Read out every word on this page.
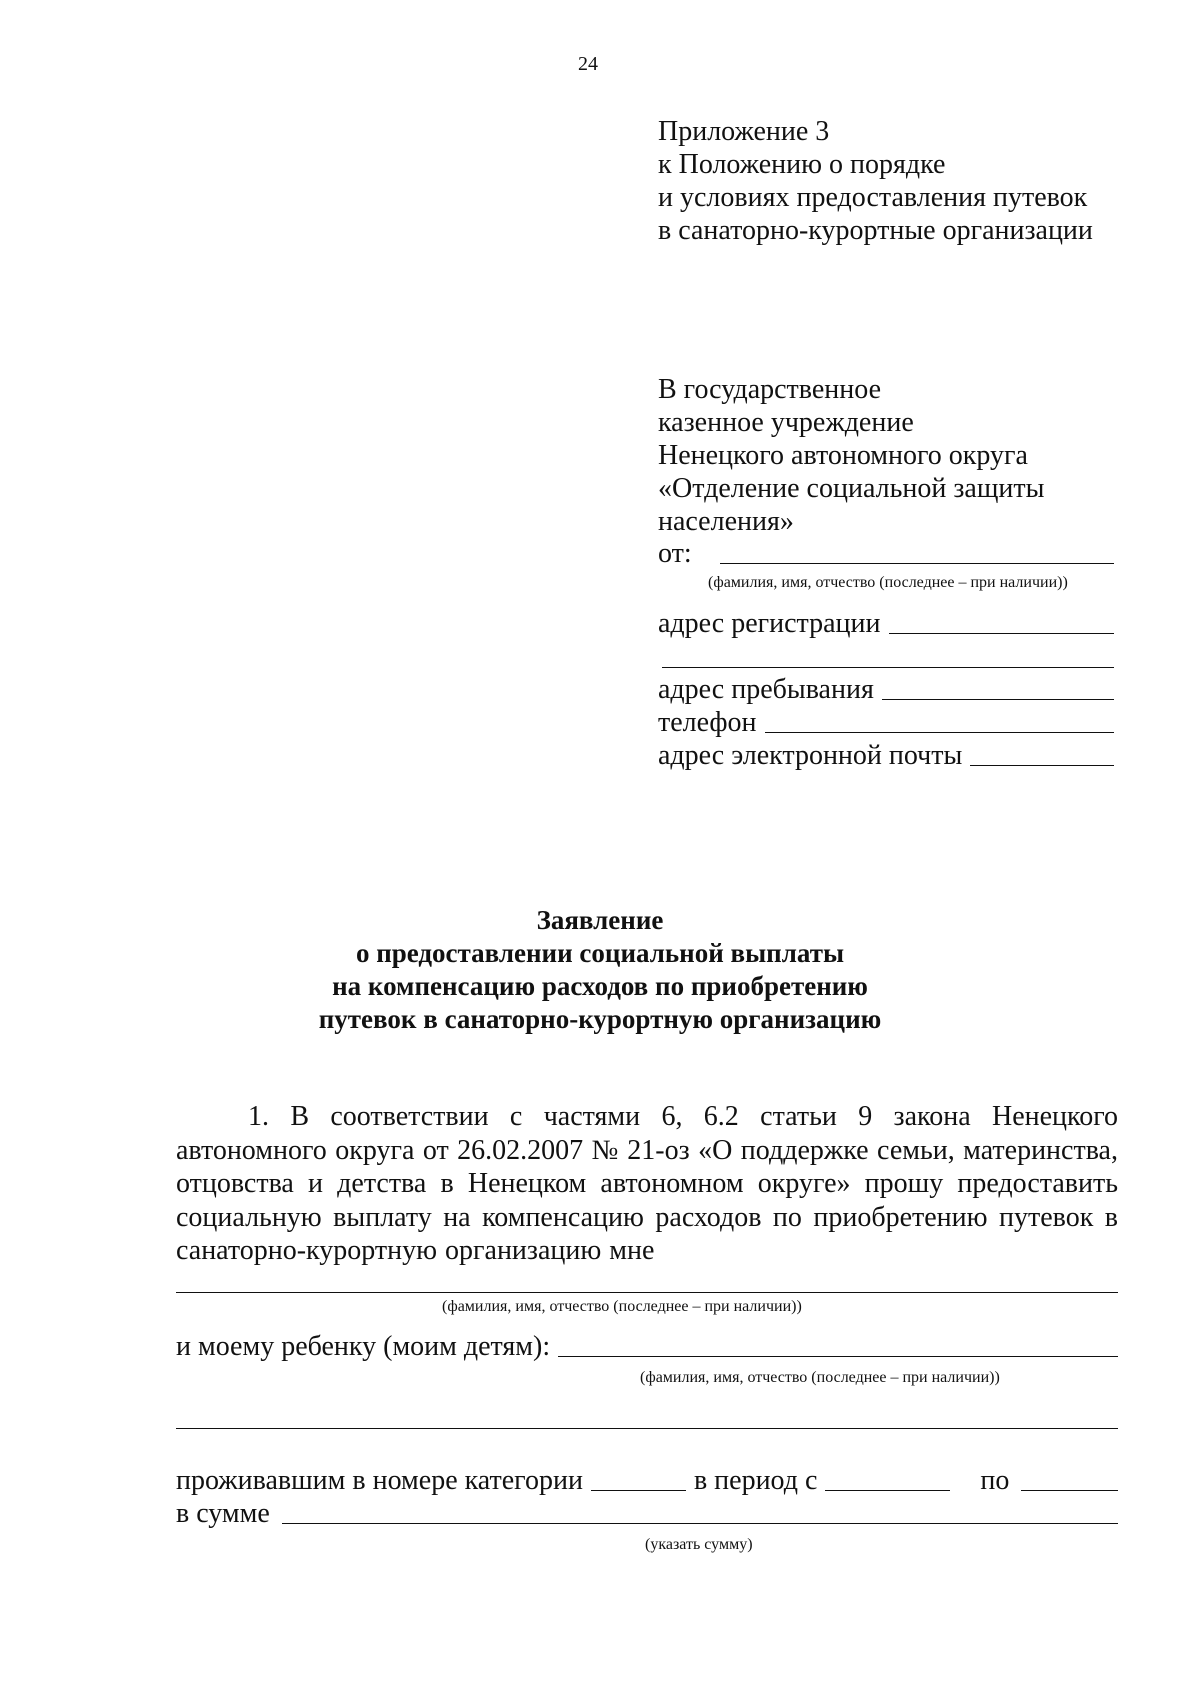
24
Приложение 3
к Положению о порядке
и условиях предоставления путевок
в санаторно-курортные организации
В государственное
казенное учреждение
Ненецкого автономного округа
«Отделение социальной защиты
населения»
от:
(фамилия, имя, отчество (последнее – при наличии))
адрес регистрации
адрес пребывания
телефон
адрес электронной почты
Заявление
о предоставлении социальной выплаты
на компенсацию расходов по приобретению
путевок в санаторно-курортную организацию
1. В соответствии с частями 6, 6.2 статьи 9 закона Ненецкого автономного округа от 26.02.2007 № 21-оз «О поддержке семьи, материнства, отцовства и детства в Ненецком автономном округе» прошу предоставить социальную выплату на компенсацию расходов по приобретению путевок в санаторно-курортную организацию мне
(фамилия, имя, отчество (последнее – при наличии))
и моему ребенку (моим детям):
(фамилия, имя, отчество (последнее – при наличии))
проживавшим в номере категории	в период с	по
в сумме
(указать сумму)
